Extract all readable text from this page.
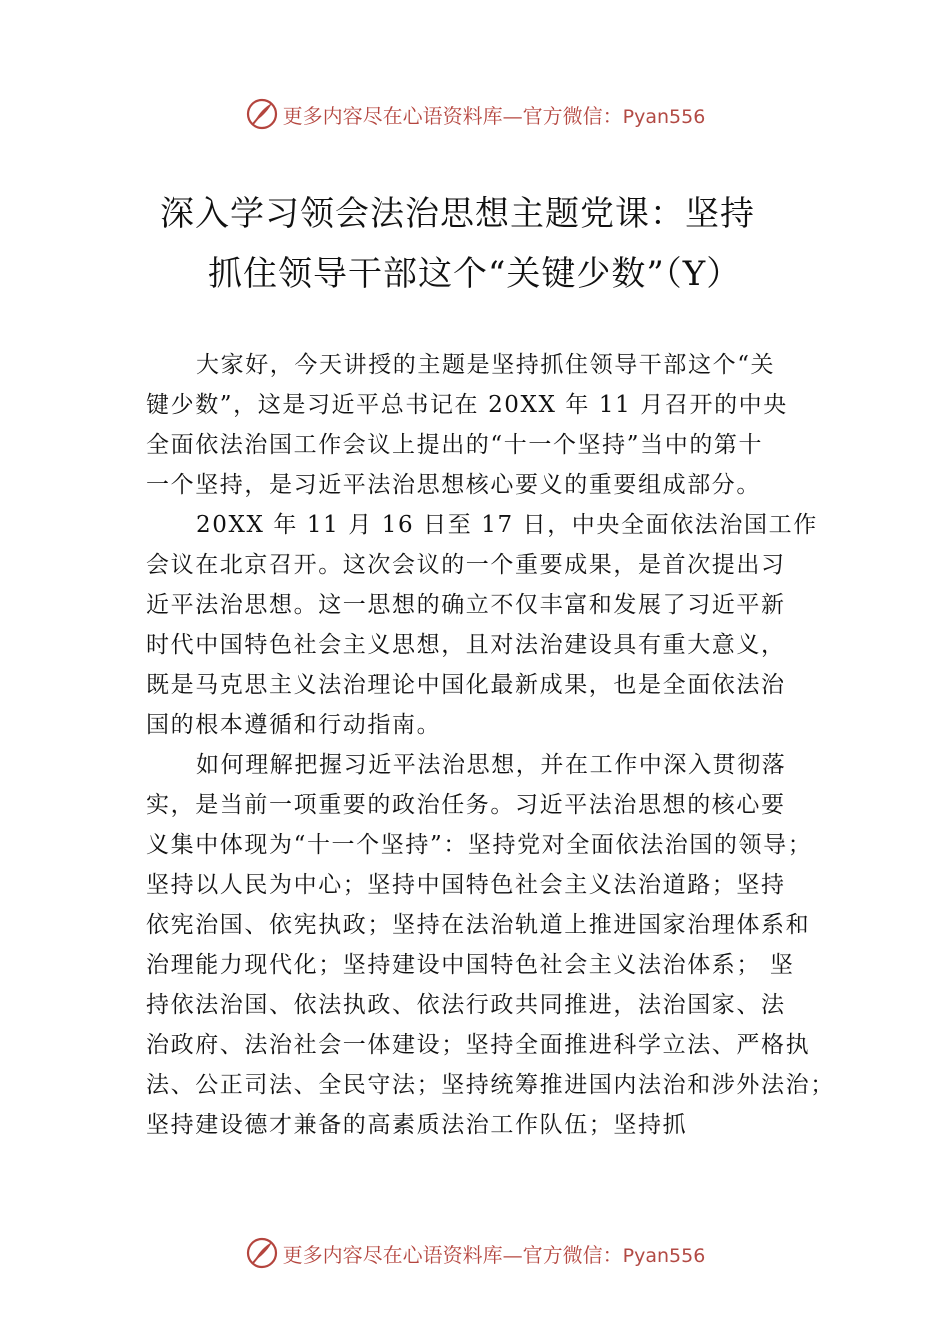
更多内容尽在心语资料库—官方微信：Pyan556
深入学习领会法治思想主题党课：坚持
抓住领导干部这个“关键少数”（Y）
大家好，今天讲授的主题是坚持抓住领导干部这个“关
键少数”，这是习近平总书记在 20XX 年 11 月召开的中央
全面依法治国工作会议上提出的“十一个坚持”当中的第十
一个坚持，是习近平法治思想核心要义的重要组成部分。
20XX 年 11 月 16 日至 17 日，中央全面依法治国工作
会议在北京召开。这次会议的一个重要成果，是首次提出习
近平法治思想。这一思想的确立不仅丰富和发展了习近平新
时代中国特色社会主义思想，且对法治建设具有重大意义，
既是马克思主义法治理论中国化最新成果，也是全面依法治
国的根本遵循和行动指南。
如何理解把握习近平法治思想，并在工作中深入贯彻落
实，是当前一项重要的政治任务。习近平法治思想的核心要
义集中体现为“十一个坚持”：坚持党对全面依法治国的领导；
坚持以人民为中心；坚持中国特色社会主义法治道路；坚持
依宪治国、依宪执政；坚持在法治轨道上推进国家治理体系和
治理能力现代化；坚持建设中国特色社会主义法治体系； 坚
持依法治国、依法执政、依法行政共同推进，法治国家、法
治政府、法治社会一体建设；坚持全面推进科学立法、严格执
法、公正司法、全民守法；坚持统筹推进国内法治和涉外法治；
坚持建设德才兼备的高素质法治工作队伍；坚持抓
更多内容尽在心语资料库—官方微信：Pyan556
